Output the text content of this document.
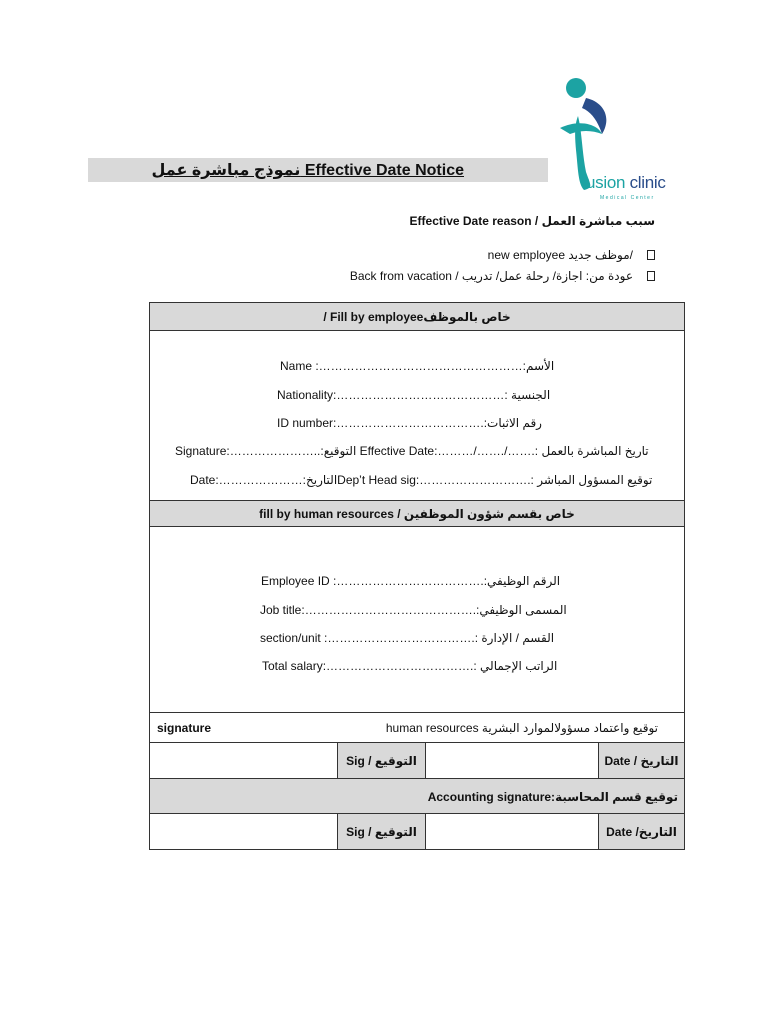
نموذج مباشرة عمل Effective Date Notice
usion clinic
Medical Center
Effective Date reason / سبب مباشرة العمل
new employee موظف جديد/
Back from vacation / عودة من: اجازة/ رحلة عمل/ تدريب
/ Fill by employeeخاص بالموظف
Name :……………………………………………:الأسم
Nationality:……………………………………: الجنسية
ID number:……………………………….:رقم الاثبات
Signature:…………………..:التوقيع Effective Date:………/……./…….: تاريخ المباشرة بالعمل
Date:…………………:التاريخDep’t Head sig:……………………….: توقيع المسؤول المباشر
fill by human resources / خاص بقسم شؤون الموظفين
Employee ID :……………………………….:الرقم الوظيفي
Job title:…………………………………….:المسمى الوظيفي
section/unit :……………………………….: القسم / الإدارة
Total salary:……………………………….: الراتب الإجمالي
signature	human resources توقيع واعتماد مسؤولالموارد البشرية
Sig / التوقيع	Date / التاريخ
Accounting signature:توقيع قسم المحاسبة
Sig / التوقيع	Date /التاريخ
